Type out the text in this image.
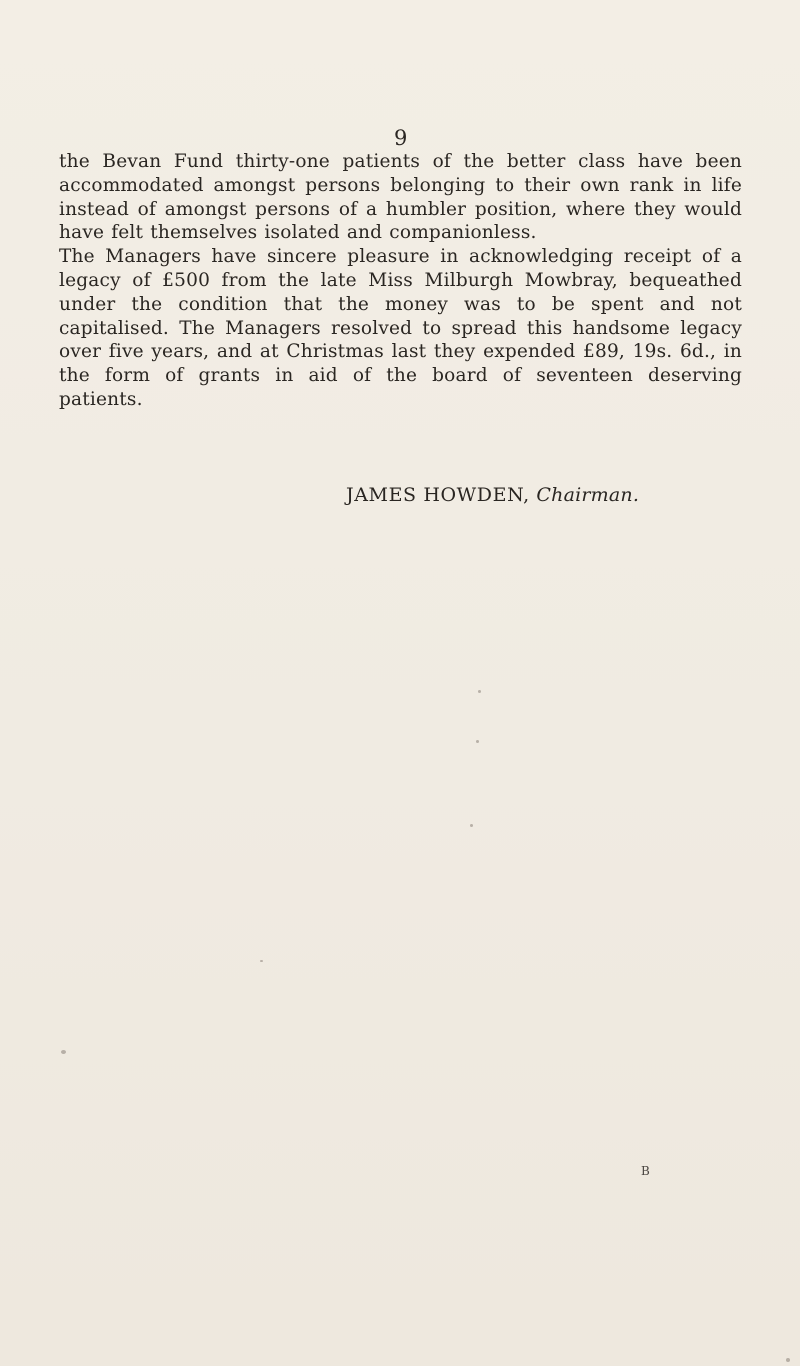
9

the Bevan Fund thirty-one patients of the better class have been accommodated amongst persons belonging to their own rank in life instead of amongst persons of a humbler position, where they would have felt themselves isolated and companionless.

The Managers have sincere pleasure in acknowledging receipt of a legacy of £500 from the late Miss Milburgh Mowbray, bequeathed under the condition that the money was to be spent and not capitalised. The Managers resolved to spread this handsome legacy over five years, and at Christmas last they expended £89, 19s. 6d., in the form of grants in aid of the board of seventeen deserving patients.

JAMES HOWDEN, Chairman.
B
